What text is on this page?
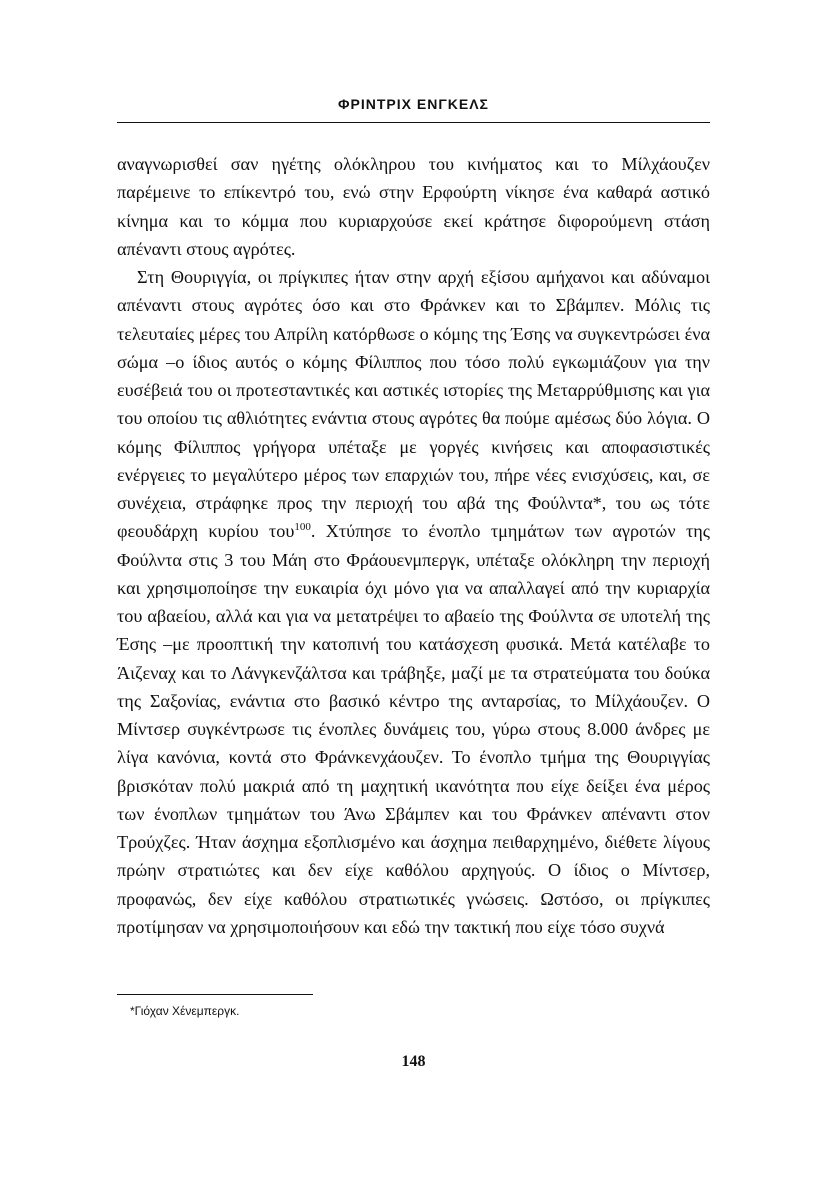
ΦΡΙΝΤΡΙΧ ΕΝΓΚΕΛΣ

αναγνωρισθεί σαν ηγέτης ολόκληρου του κινήματος και το Μίλχάουζεν παρέμεινε το επίκεντρό του, ενώ στην Ερφούρτη νίκησε ένα καθαρά αστικό κίνημα και το κόμμα που κυριαρχούσε εκεί κράτησε διφορούμενη στάση απέναντι στους αγρότες.

Στη Θουριγγία, οι πρίγκιπες ήταν στην αρχή εξίσου αμήχανοι και αδύναμοι απέναντι στους αγρότες όσο και στο Φράνκεν και το Σβάμπεν. Μόλις τις τελευταίες μέρες του Απρίλη κατόρθωσε ο κόμης της Έσης να συγκεντρώσει ένα σώμα –ο ίδιος αυτός ο κόμης Φίλιππος που τόσο πολύ εγκωμιάζουν για την ευσέβειά του οι προτεσταντικές και αστικές ιστορίες της Μεταρρύθμισης και για του οποίου τις αθλιότητες ενάντια στους αγρότες θα πούμε αμέσως δύο λόγια. Ο κόμης Φίλιππος γρήγορα υπέταξε με γοργές κινήσεις και αποφασιστικές ενέργειες το μεγαλύτερο μέρος των επαρχιών του, πήρε νέες ενισχύσεις, και, σε συνέχεια, στράφηκε προς την περιοχή του αβά της Φούλντα*, του ως τότε φεουδάρχη κυρίου του$^{100}$. Χτύπησε το ένοπλο τμημάτων των αγροτών της Φούλντα στις 3 του Μάη στο Φράουενμπεργκ, υπέταξε ολόκληρη την περιοχή και χρησιμοποίησε την ευκαιρία όχι μόνο για να απαλλαγεί από την κυριαρχία του αβαείου, αλλά και για να μετατρέψει το αβαείο της Φούλντα σε υποτελή της Έσης –με προοπτική την κατοπινή του κατάσχεση φυσικά. Μετά κατέλαβε το Άιζεναχ και το Λάνγκενζάλτσα και τράβηξε, μαζί με τα στρατεύματα του δούκα της Σαξονίας, ενάντια στο βασικό κέντρο της ανταρσίας, το Μίλχάουζεν. Ο Μίντσερ συγκέντρωσε τις ένοπλες δυνάμεις του, γύρω στους 8.000 άνδρες με λίγα κανόνια, κοντά στο Φράνκενχάουζεν. Το ένοπλο τμήμα της Θουριγγίας βρισκόταν πολύ μακριά από τη μαχητική ικανότητα που είχε δείξει ένα μέρος των ένοπλων τμημάτων του Άνω Σβάμπεν και του Φράνκεν απέναντι στον Τρούχζες. Ήταν άσχημα εξοπλισμένο και άσχημα πειθαρχημένο, διέθετε λίγους πρώην στρατιώτες και δεν είχε καθόλου αρχηγούς. Ο ίδιος ο Μίντσερ, προφανώς, δεν είχε καθόλου στρατιωτικές γνώσεις. Ωστόσο, οι πρίγκιπες προτίμησαν να χρησιμοποιήσουν και εδώ την τακτική που είχε τόσο συχνά

*Γιόχαν Χένεμπεργκ.
148
